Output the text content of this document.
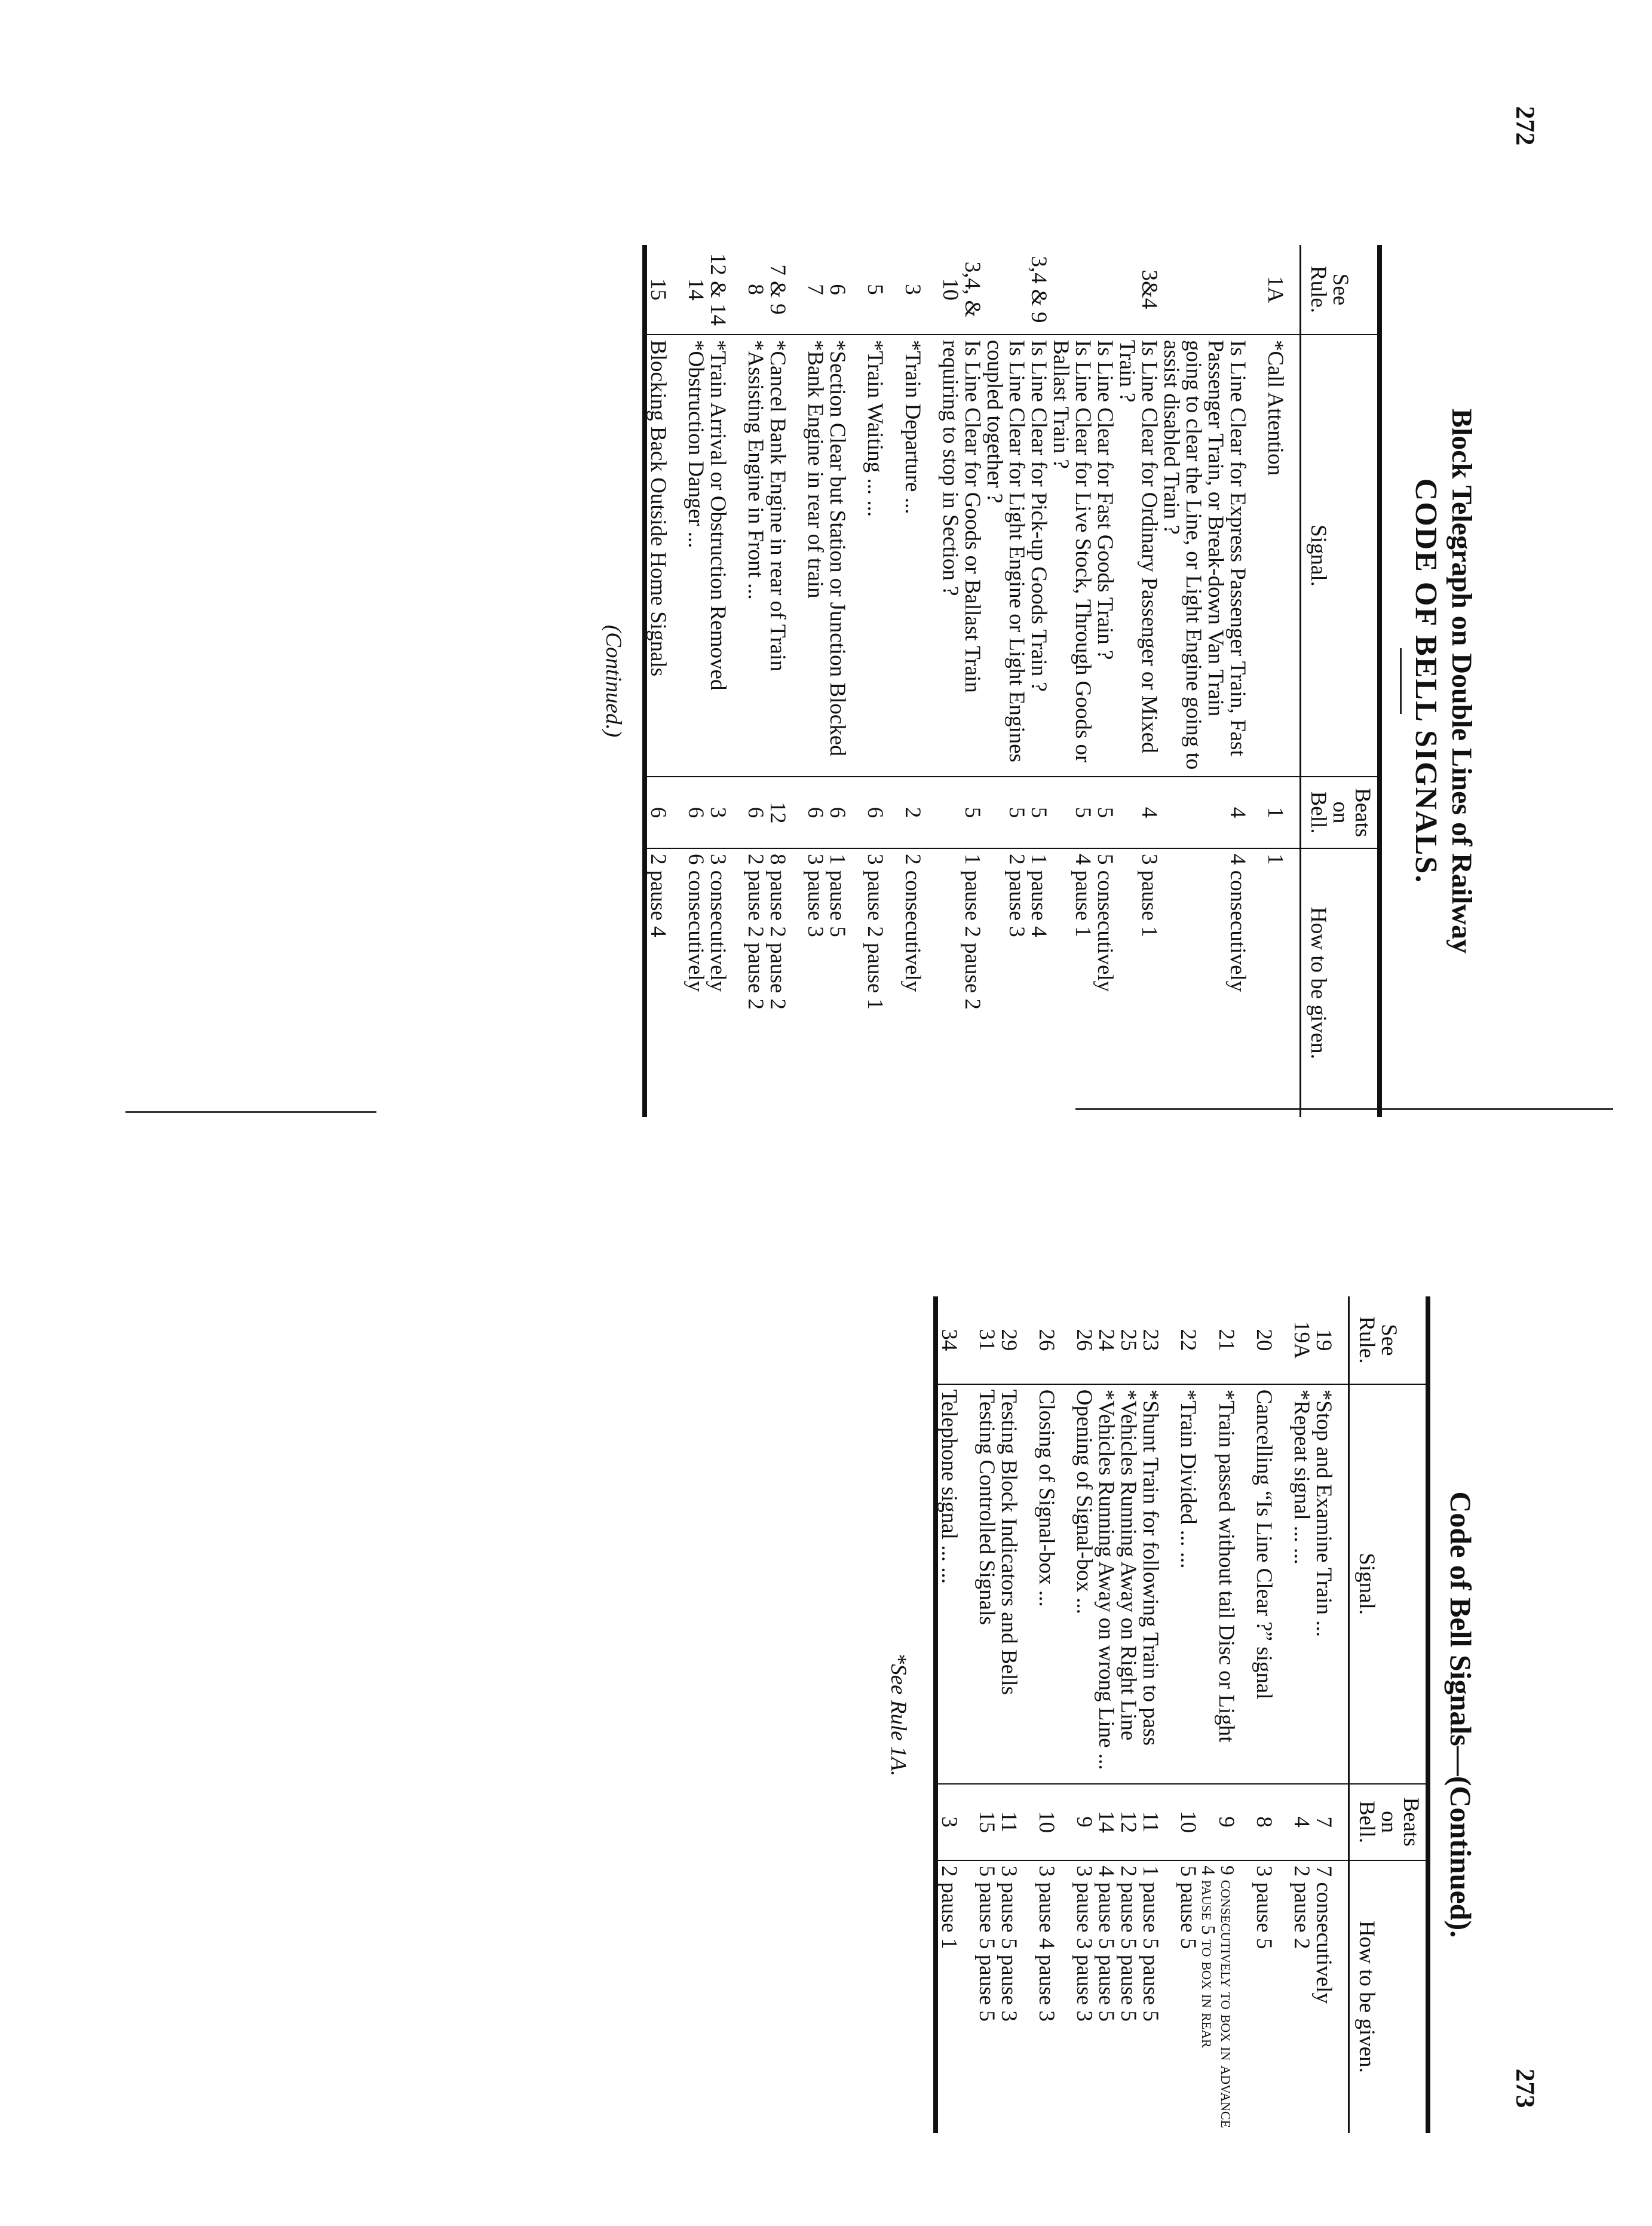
272
273
Block Telegraph on Double Lines of Railway
CODE OF BELL SIGNALS.
See Rule.	Signal.	Beats on Bell.	How to be given.
1A	*Call Attention	1	1
	Is Line Clear for Express Passenger Train, Fast Passenger Train, or Break-down Van Train going to clear the Line, or Light Engine going to assist disabled Train ?	4	4 consecutively
3&4	Is Line Clear for Ordinary Passenger or Mixed Train ?	4	3 pause 1
	Is Line Clear for Fast Goods Train ?	5	5 consecutively
	Is Line Clear for Live Stock, Through Goods or Ballast Train ?	5	4 pause 1
3,4 & 9	Is Line Clear for Pick-up Goods Train ?	5	1 pause 4
	Is Line Clear for Light Engine or Light Engines coupled together ?	5	2 pause 3
3,4, & 10	Is Line Clear for Goods or Ballast Train requiring to stop in Section ?	5	1 pause 2 pause 2
3	*Train Departure ...	2	2 consecutively
5	*Train Waiting ... ...	6	3 pause 2 pause 1
6	*Section Clear but Station or Junction Blocked	6	1 pause 5
7	*Bank Engine in rear of train	6	3 pause 3
7 & 9	*Cancel Bank Engine in rear of Train	12	8 pause 2 pause 2
8	*Assisting Engine in Front ...	6	2 pause 2 pause 2
12 & 14	*Train Arrival or Obstruction Removed	3	3 consecutively
14	*Obstruction Danger ...	6	6 consecutively
15	Blocking Back Outside Home Signals	6	2 pause 4
(Continued.)
Code of Bell Signals—(Continued).
See Rule.	Signal.	Beats on Bell.	How to be given.
19	*Stop and Examine Train ...	7	7 consecutively
19A	*Repeat signal ... ...	4	2 pause 2
20	Cancelling “Is Line Clear ?” signal	8	3 pause 5
21	*Train passed without tail Disc or Light	9	9 consecutively to box in advance
4 pause 5 to box in rear

22	*Train Divided ... ...	10	5 pause 5
23	*Shunt Train for following Train to pass	11	1 pause 5 pause 5
25	*Vehicles Running Away on Right Line	12	2 pause 5 pause 5
24	*Vehicles Running Away on wrong Line ...	14	4 pause 5 pause 5
26	Opening of Signal-box ...	9	3 pause 3 pause 3
26	Closing of Signal-box ...	10	3 pause 4 pause 3
29	Testing Block Indicators and Bells	11	3 pause 5 pause 3
31	Testing Controlled Signals	15	5 pause 5 pause 5
34	Telephone signal ... ...	3	2 pause 1
*See Rule 1A.
